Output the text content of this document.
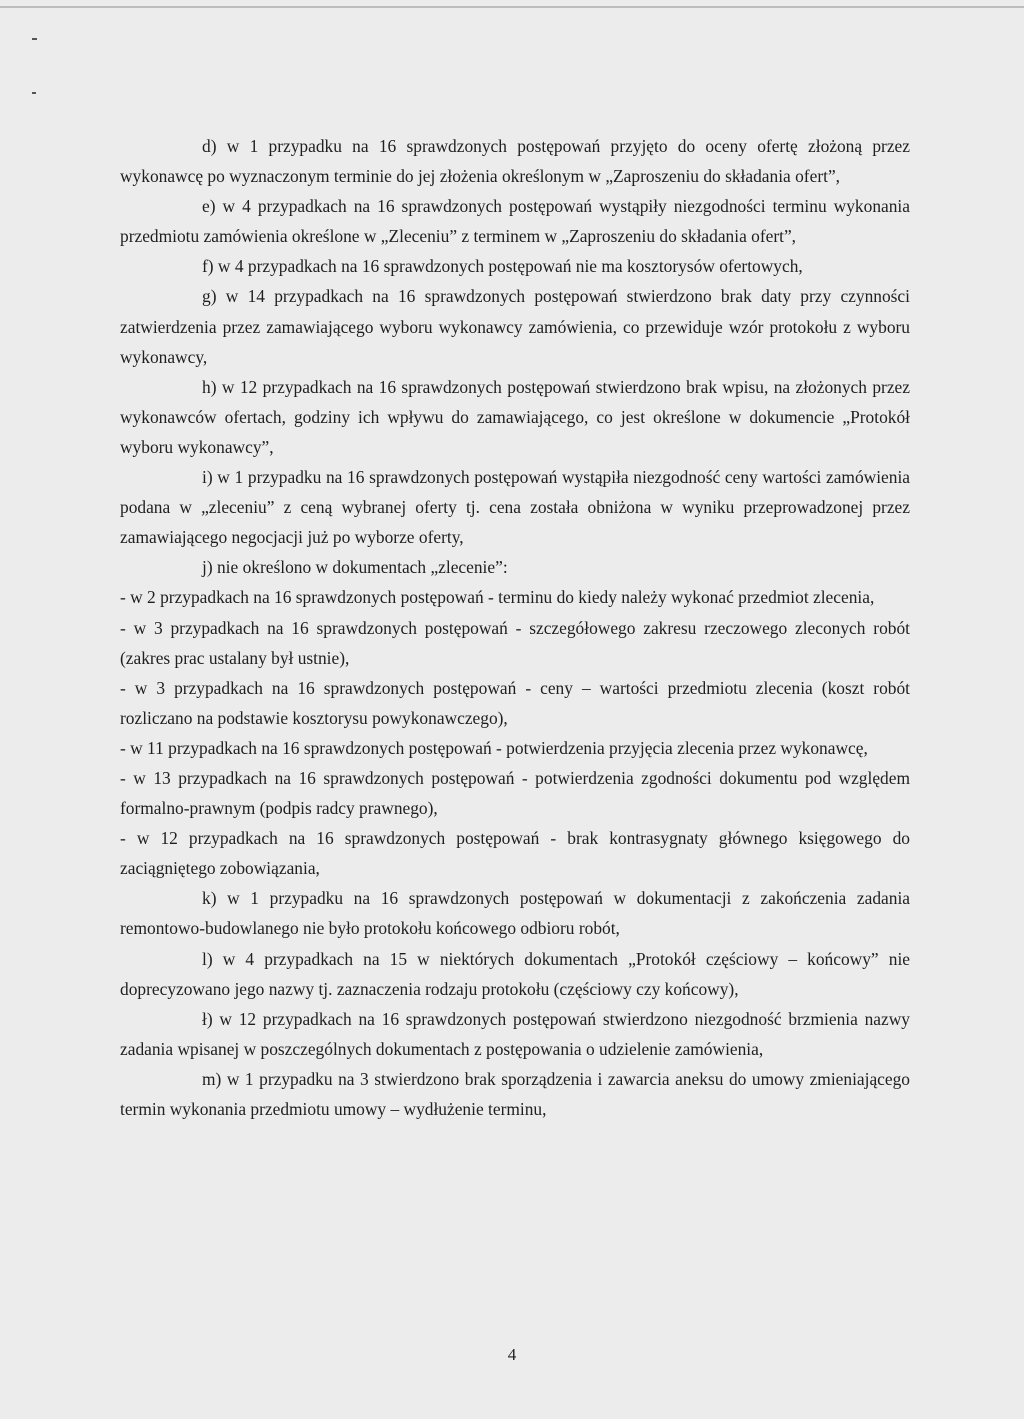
d) w 1 przypadku na 16 sprawdzonych postępowań przyjęto do oceny ofertę złożoną przez wykonawcę po wyznaczonym terminie do jej złożenia określonym w „Zaproszeniu do składania ofert”,

e) w 4 przypadkach na 16 sprawdzonych postępowań wystąpiły niezgodności terminu wykonania przedmiotu zamówienia określone w „Zleceniu” z terminem w „Zaproszeniu do składania ofert”,

f) w 4 przypadkach na 16 sprawdzonych postępowań nie ma kosztorysów ofertowych,

g) w 14 przypadkach na 16 sprawdzonych postępowań stwierdzono brak daty przy czynności zatwierdzenia przez zamawiającego wyboru wykonawcy zamówienia, co przewiduje wzór protokołu z wyboru wykonawcy,

h) w 12 przypadkach na 16 sprawdzonych postępowań stwierdzono brak wpisu, na złożonych przez wykonawców ofertach, godziny ich wpływu do zamawiającego, co jest określone w dokumencie „Protokół wyboru wykonawcy”,

i) w 1 przypadku na 16 sprawdzonych postępowań wystąpiła niezgodność ceny wartości zamówienia podana w „zleceniu” z ceną wybranej oferty tj. cena została obniżona w wyniku przeprowadzonej przez zamawiającego negocjacji już po wyborze oferty,

j) nie określono w dokumentach „zlecenie”:

- w 2 przypadkach na 16 sprawdzonych postępowań - terminu do kiedy należy wykonać przedmiot zlecenia,

- w 3 przypadkach na 16 sprawdzonych postępowań - szczegółowego zakresu rzeczowego zleconych robót (zakres prac ustalany był ustnie),

- w 3 przypadkach na 16 sprawdzonych postępowań - ceny – wartości przedmiotu zlecenia (koszt robót rozliczano na podstawie kosztorysu powykonawczego),

- w 11 przypadkach na 16 sprawdzonych postępowań - potwierdzenia przyjęcia zlecenia przez wykonawcę,

- w 13 przypadkach na 16 sprawdzonych postępowań - potwierdzenia zgodności dokumentu pod względem formalno-prawnym (podpis radcy prawnego),

- w 12 przypadkach na 16 sprawdzonych postępowań - brak kontrasygnaty głównego księgowego do zaciągniętego zobowiązania,

k) w 1 przypadku na 16 sprawdzonych postępowań w dokumentacji z zakończenia zadania remontowo-budowlanego nie było protokołu końcowego odbioru robót,

l) w 4 przypadkach na 15 w niektórych dokumentach „Protokół częściowy – końcowy” nie doprecyzowano jego nazwy tj. zaznaczenia rodzaju protokołu (częściowy czy końcowy),

ł) w 12 przypadkach na 16 sprawdzonych postępowań stwierdzono niezgodność brzmienia nazwy zadania wpisanej w poszczególnych dokumentach z postępowania o udzielenie zamówienia,

m) w 1 przypadku na 3 stwierdzono brak sporządzenia i zawarcia aneksu do umowy zmieniającego termin wykonania przedmiotu umowy – wydłużenie terminu,

4
